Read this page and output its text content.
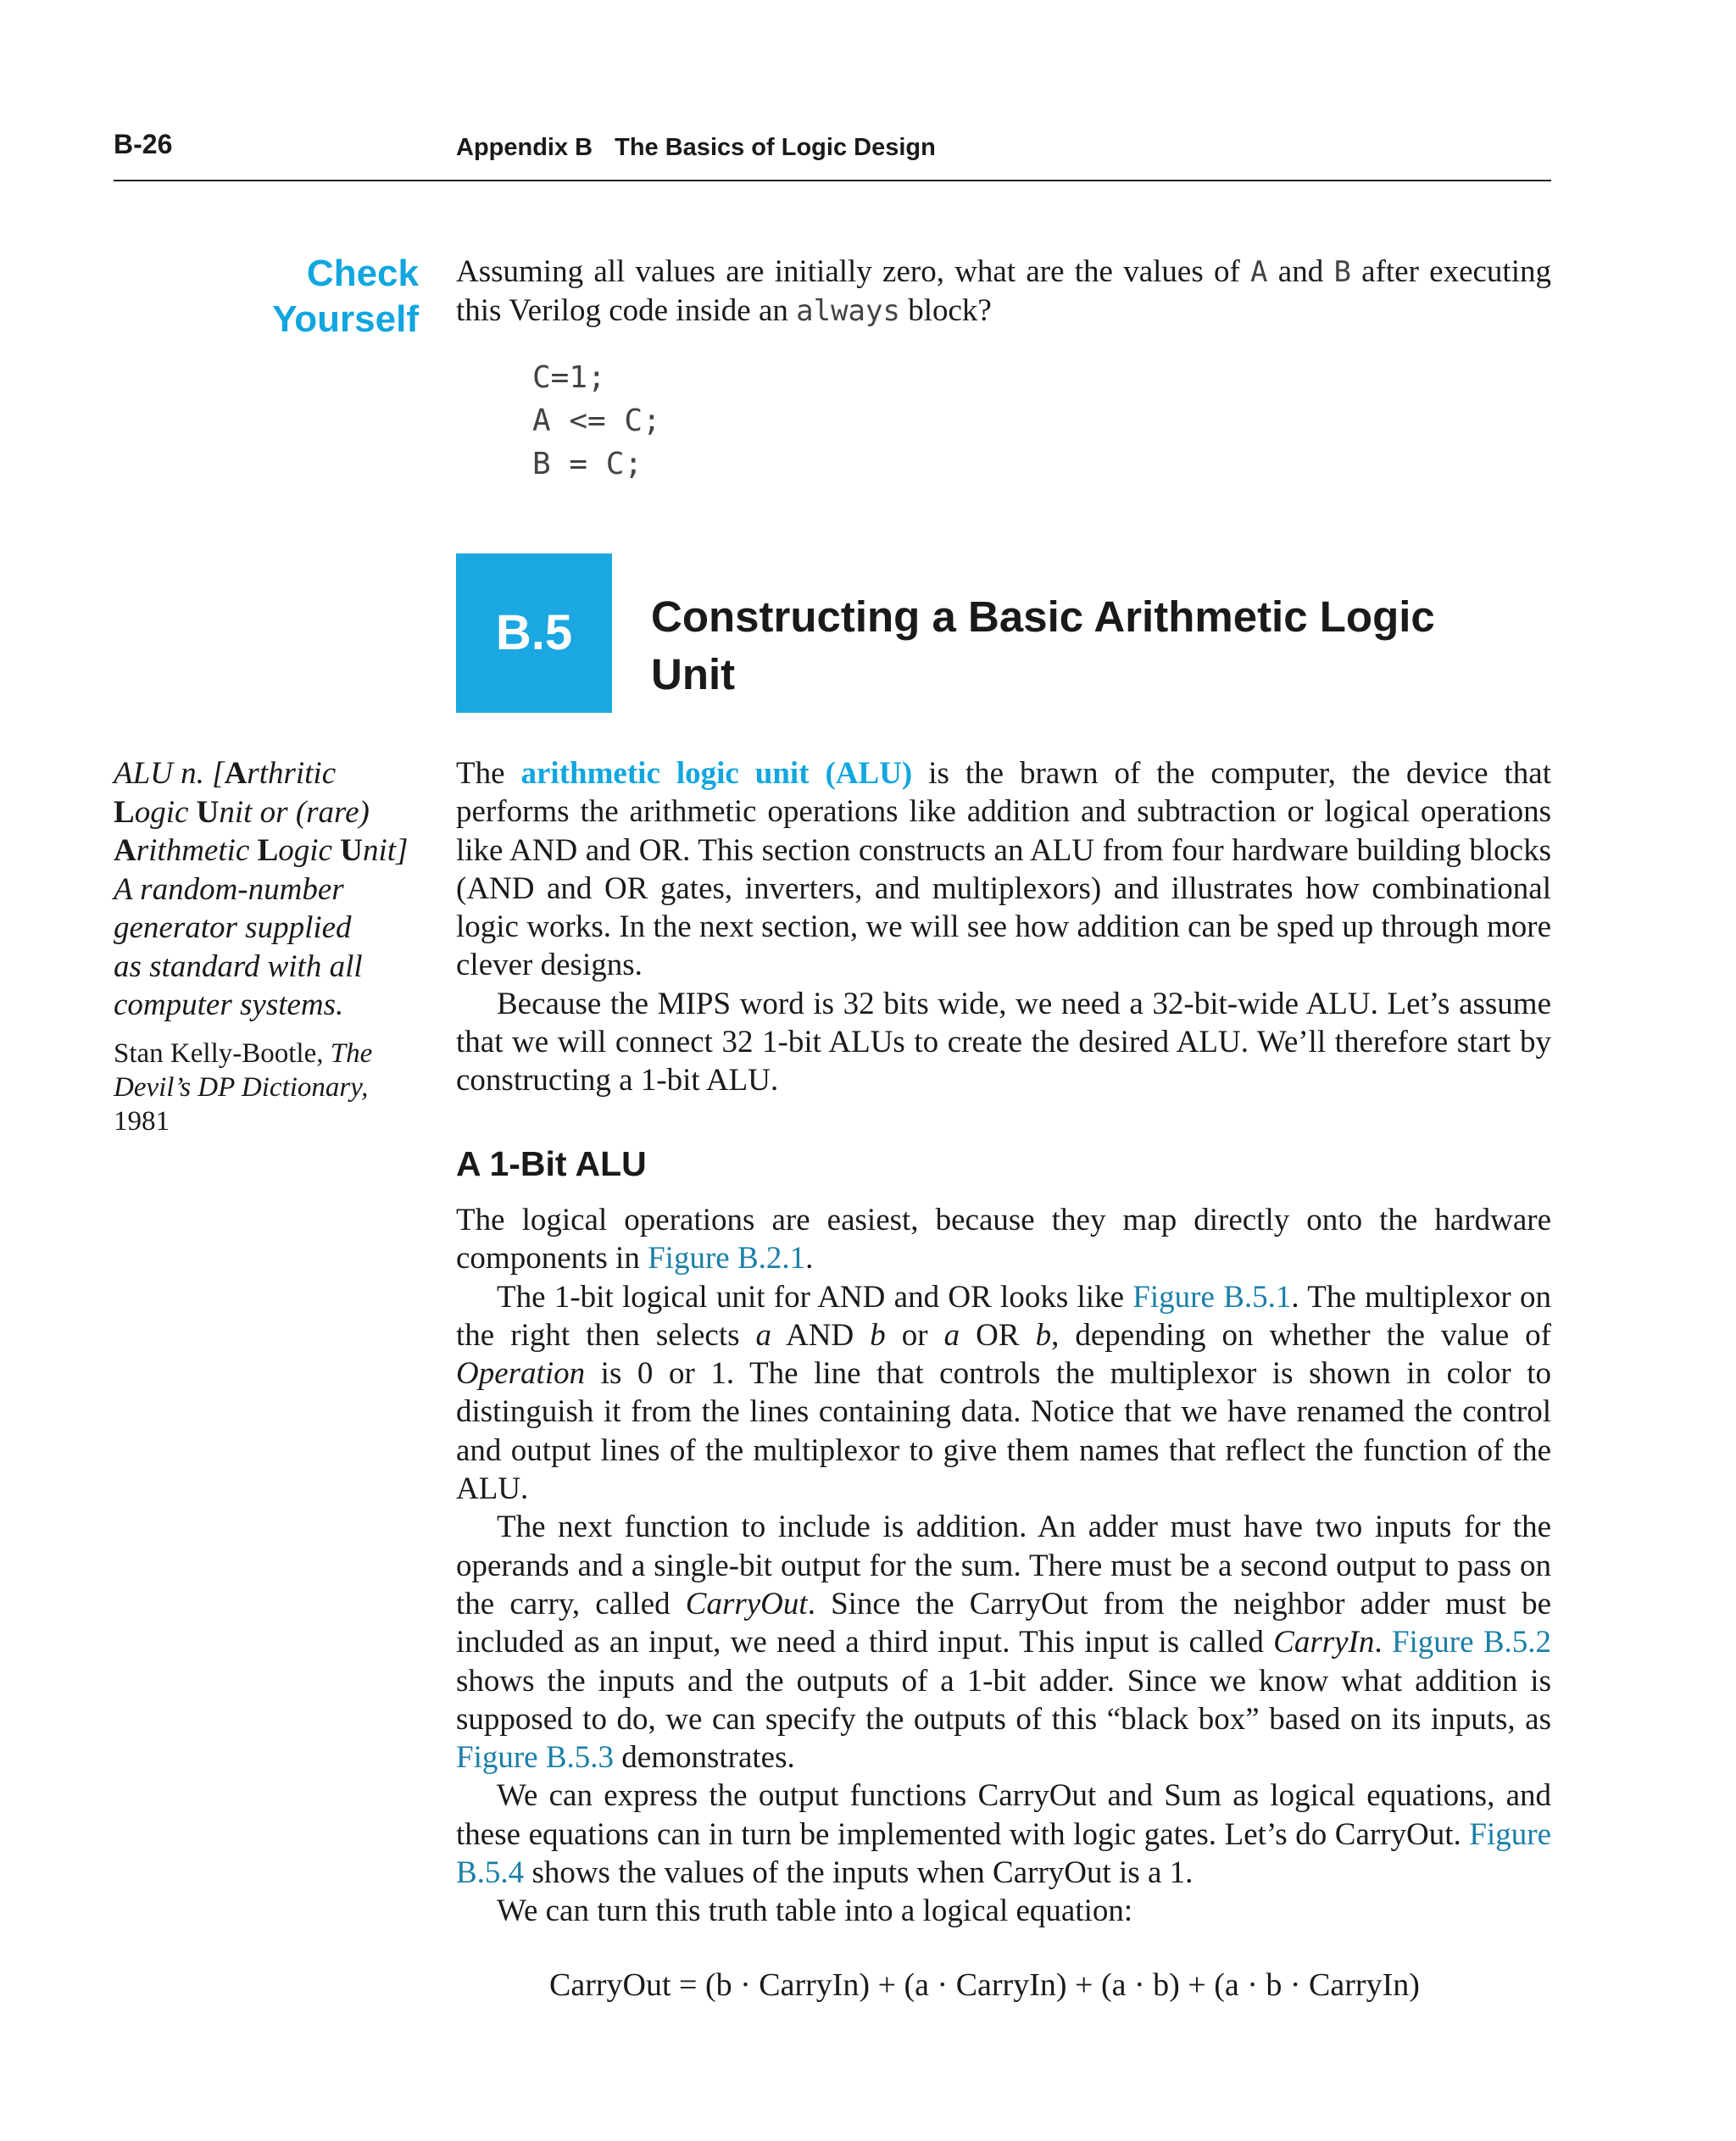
B-26	Appendix B The Basics of Logic Design
Check
Yourself
Assuming all values are initially zero, what are the values of A and B after executing this Verilog code inside an always block?
C=1;
A <= C;
B = C;
B.5	Constructing a Basic Arithmetic Logic
Unit

ALU n. [Arthritic

Logic Unit or (rare)

Arithmetic Logic Unit]

A random-number

generator supplied

as standard with all

computer systems.

Stan Kelly-Bootle, The
Devil’s DP Dictionary,
1981

The arithmetic logic unit (ALU) is the brawn of the computer, the device that performs the arithmetic operations like addition and subtraction or logical operations like AND and OR. This section constructs an ALU from four hardware building blocks (AND and OR gates, inverters, and multiplexors) and illustrates how combinational logic works. In the next section, we will see how addition can be sped up through more clever designs.

Because the MIPS word is 32 bits wide, we need a 32-bit-wide ALU. Let’s assume that we will connect 32 1-bit ALUs to create the desired ALU. We’ll therefore start by constructing a 1-bit ALU.

A 1-Bit ALU

The logical operations are easiest, because they map directly onto the hardware components in Figure B.2.1.

The 1-bit logical unit for AND and OR looks like Figure B.5.1. The multiplexor on the right then selects a AND b or a OR b, depending on whether the value of Operation is 0 or 1. The line that controls the multiplexor is shown in color to distinguish it from the lines containing data. Notice that we have renamed the control and output lines of the multiplexor to give them names that reflect the function of the ALU.

The next function to include is addition. An adder must have two inputs for the operands and a single-bit output for the sum. There must be a second output to pass on the carry, called CarryOut. Since the CarryOut from the neighbor adder must be included as an input, we need a third input. This input is called CarryIn. Figure B.5.2 shows the inputs and the outputs of a 1-bit adder. Since we know what addition is supposed to do, we can specify the outputs of this “black box” based on its inputs, as Figure B.5.3 demonstrates.

We can express the output functions CarryOut and Sum as logical equations, and these equations can in turn be implemented with logic gates. Let’s do CarryOut. Figure B.5.4 shows the values of the inputs when CarryOut is a 1.

We can turn this truth table into a logical equation:

CarryOut = (b · CarryIn) + (a · CarryIn) + (a · b) + (a · b · CarryIn)
